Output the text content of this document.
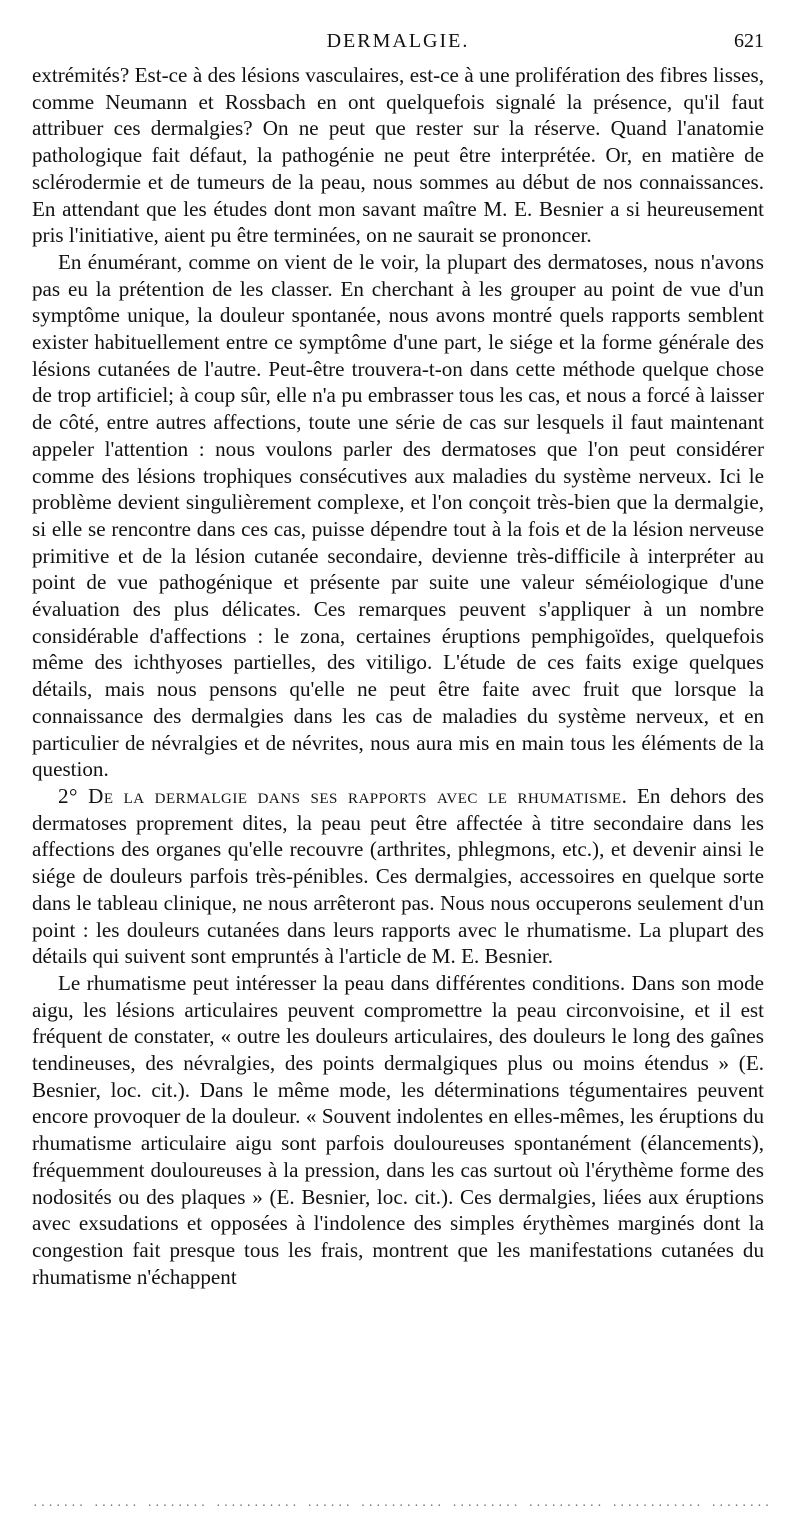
DERMALGIE.	621

extrémités? Est-ce à des lésions vasculaires, est-ce à une prolifération des fibres lisses, comme Neumann et Rossbach en ont quelquefois signalé la présence, qu'il faut attribuer ces dermalgies? On ne peut que rester sur la réserve. Quand l'anatomie pathologique fait défaut, la pathogénie ne peut être interprétée. Or, en matière de sclérodermie et de tumeurs de la peau, nous sommes au début de nos connaissances. En attendant que les études dont mon savant maître M. E. Besnier a si heureusement pris l'initiative, aient pu être terminées, on ne saurait se prononcer.

En énumérant, comme on vient de le voir, la plupart des dermatoses, nous n'avons pas eu la prétention de les classer. En cherchant à les grouper au point de vue d'un symptôme unique, la douleur spontanée, nous avons montré quels rapports semblent exister habituellement entre ce symptôme d'une part, le siége et la forme générale des lésions cutanées de l'autre. Peut-être trouvera-t-on dans cette méthode quelque chose de trop artificiel; à coup sûr, elle n'a pu embrasser tous les cas, et nous a forcé à laisser de côté, entre autres affections, toute une série de cas sur lesquels il faut maintenant appeler l'attention : nous voulons parler des dermatoses que l'on peut considérer comme des lésions trophiques consécutives aux maladies du système nerveux. Ici le problème devient singulièrement complexe, et l'on conçoit très-bien que la dermalgie, si elle se rencontre dans ces cas, puisse dépendre tout à la fois et de la lésion nerveuse primitive et de la lésion cutanée secondaire, devienne très-difficile à interpréter au point de vue pathogénique et présente par suite une valeur séméiologique d'une évaluation des plus délicates. Ces remarques peuvent s'appliquer à un nombre considérable d'affections : le zona, certaines éruptions pemphigoïdes, quelquefois même des ichthyoses partielles, des vitiligo. L'étude de ces faits exige quelques détails, mais nous pensons qu'elle ne peut être faite avec fruit que lorsque la connaissance des dermalgies dans les cas de maladies du système nerveux, et en particulier de névralgies et de névrites, nous aura mis en main tous les éléments de la question.

2° De la dermalgie dans ses rapports avec le rhumatisme. En dehors des dermatoses proprement dites, la peau peut être affectée à titre secondaire dans les affections des organes qu'elle recouvre (arthrites, phlegmons, etc.), et devenir ainsi le siége de douleurs parfois très-pénibles. Ces dermalgies, accessoires en quelque sorte dans le tableau clinique, ne nous arrêteront pas. Nous nous occuperons seulement d'un point : les douleurs cutanées dans leurs rapports avec le rhumatisme. La plupart des détails qui suivent sont empruntés à l'article de M. E. Besnier.

Le rhumatisme peut intéresser la peau dans différentes conditions. Dans son mode aigu, les lésions articulaires peuvent compromettre la peau circonvoisine, et il est fréquent de constater, « outre les douleurs articulaires, des douleurs le long des gaînes tendineuses, des névralgies, des points dermalgiques plus ou moins étendus » (E. Besnier, loc. cit.). Dans le même mode, les déterminations tégumentaires peuvent encore provoquer de la douleur. « Souvent indolentes en elles-mêmes, les éruptions du rhumatisme articulaire aigu sont parfois douloureuses spontanément (élancements), fréquemment douloureuses à la pression, dans les cas surtout où l'érythème forme des nodosités ou des plaques » (E. Besnier, loc. cit.). Ces dermalgies, liées aux éruptions avec exsudations et opposées à l'indolence des simples érythèmes marginés dont la congestion fait presque tous les frais, montrent que les manifestations cutanées du rhumatisme n'échappent

....... ...... ........ ........... ...... ........... ......... .......... ............ ........
